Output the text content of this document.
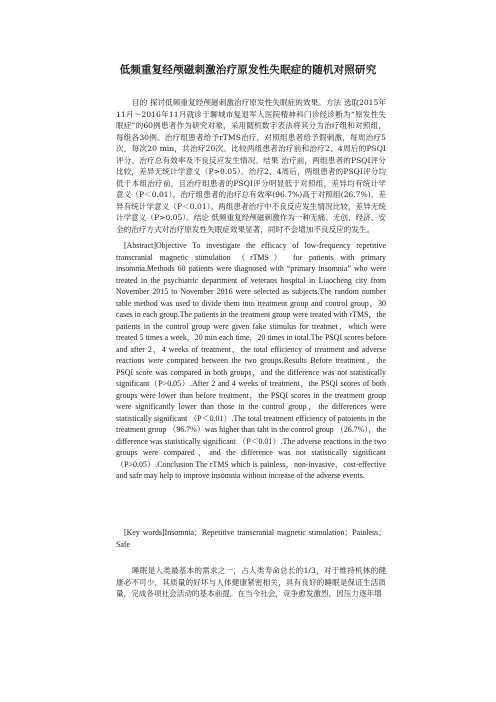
低频重复经颅磁刺激治疗原发性失眠症的随机对照研究
目的 探讨低频重复经颅磁刺激治疗原发性失眠症的效果。方法 选取2015年11月～2016年11月就诊于聊城市复退军人医院精神科门诊经诊断为“原发性失眠症”的60例患者作为研究对象，采用随机数字表法将其分为治疗组和对照组，每组各30例。治疗组患者给予rTMS治疗，对照组患者给予假刺激，每周治疗5次，每次20 min，共治疗20次。比较两组患者治疗前和治疗2、4周后的PSQI评分、治疗总有效率及不良反应发生情况。结果 治疗前，两组患者的PSQI评分比较，差异无统计学意义（P>0.05）。治疗2、4周后，两组患者的PSQI评分均低于本组治疗前，且治疗组患者的PSQI评分明显低于对照组，差异均有统计学意义（P＜0.01）。治疗组患者的治疗总有效率(96.7%)高于对照组(26.7%)，差异有统计学意义（P＜0.01）。两组患者治疗中不良反应发生情况比较，差异无统计学意义（P>0.05）。结论 低频重复经颅磁刺激作为一种无痛、无创、经济、安全的治疗方式对治疗原发性失眠症效果显著，同时不会增加不良反应的发生。
[Abstract]Objective To investigate the efficacy of low-frequency repetitive transcranial magnetic stimulation （rTMS） for patients with primary insomnia.Methods 60 patients were diagnosed with “primary insomnia” who were treated in the psychiatric department of veterans hospital in Liaocheng city from November 2015 to November 2016 were selected as subjects.The random number table method was used to divide them into treatment group and control group，30 cases in each group.The patients in the treatment group were treated with rTMS，the patients in the control group were given fake stimulus for treatmet，which were treated 5 times a week，20 min each time，20 times in total.The PSQI scores before and after 2，4 weeks of treatment，the total efficiency of treatment and adverse reactions were compared between the two groups.Results Before treatment，the PSQI score was compared in both groups，and the difference was not statistically significant（P>0.05）.After 2 and 4 weeks of treatment，the PSQI scores of both groups were lower than before treatment，the PSQI scores in the treatment group were significantly lower than those in the control group，the differences were statistically significant （P＜0.01）.The total treatment efficiency of patoients in the treatment group （96.7%）was higher than taht in the control group （26.7%），the difference was statistically significant （P＜0.01）.The adverse reactions in the two groups were compared，and the difference was not statistically significant（P>0.05）.Conclusion The rTMS which is painless，non-invasive，cost-effective and safe may help to improve insomnia without increase of the adverse events.
[Key words]Insomnia；Repetitive transcranial magnetic stimulation；Painless；Safe
睡眠是人类最基本的需求之一，占人类寿命总长的1/3，对于维持机体的健康必不可少，其质量的好坏与人体健康紧密相关，具有良好的睡眠是保证生活质量，完成各项社会活动的基本前提。在当今社会，竞争愈发激烈，因压力逐年增
